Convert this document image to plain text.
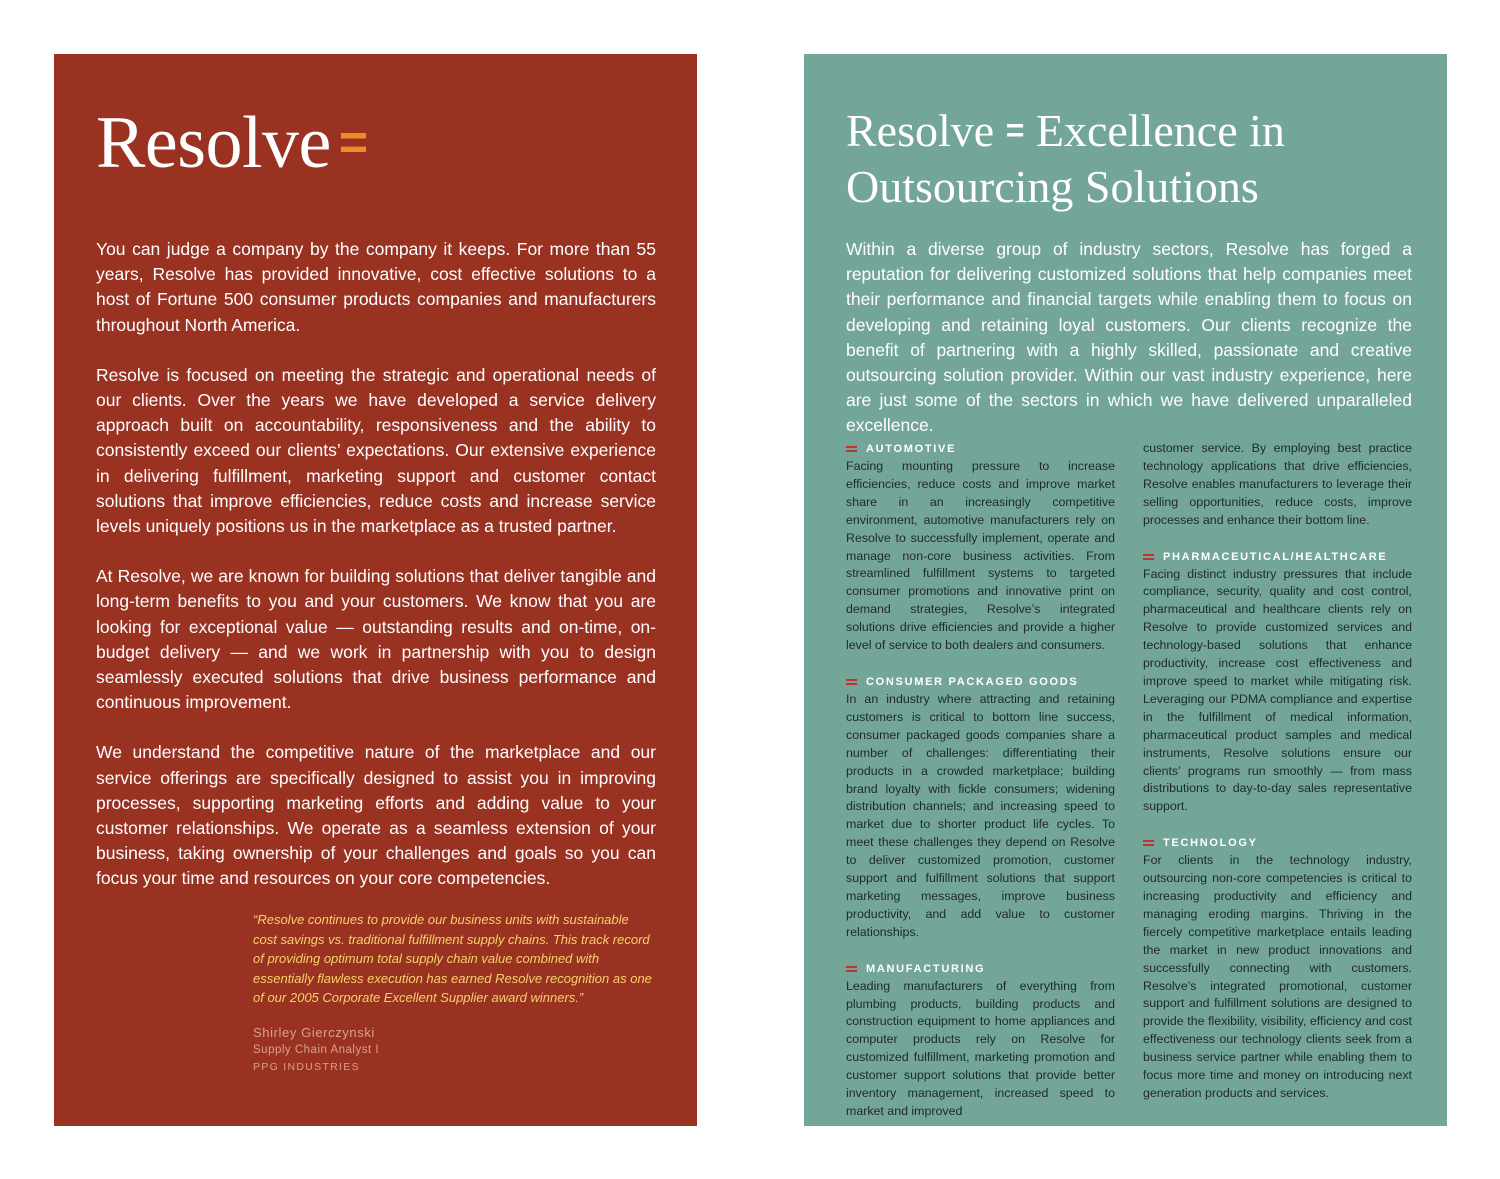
Resolve =

You can judge a company by the company it keeps. For more than 55 years, Resolve has provided innovative, cost effective solutions to a host of Fortune 500 consumer products companies and manufacturers throughout North America.

Resolve is focused on meeting the strategic and operational needs of our clients. Over the years we have developed a service delivery approach built on accountability, responsiveness and the ability to consistently exceed our clients’ expectations. Our extensive experience in delivering fulfillment, marketing support and customer contact solutions that improve efficiencies, reduce costs and increase service levels uniquely positions us in the marketplace as a trusted partner.

At Resolve, we are known for building solutions that deliver tangible and long-term benefits to you and your customers. We know that you are looking for exceptional value — outstanding results and on-time, on-budget delivery — and we work in partnership with you to design seamlessly executed solutions that drive business performance and continuous improvement.

We understand the competitive nature of the marketplace and our service offerings are specifically designed to assist you in improving processes, supporting marketing efforts and adding value to your customer relationships. We operate as a seamless extension of your business, taking ownership of your challenges and goals so you can focus your time and resources on your core competencies.

“Resolve continues to provide our business units with sustainable cost savings vs. traditional fulfillment supply chains. This track record of providing optimum total supply chain value combined with essentially flawless execution has earned Resolve recognition as one of our 2005 Corporate Excellent Supplier award winners.”

Shirley Gierczynski
Supply Chain Analyst I
PPG INDUSTRIES
Resolve = Excellence in Outsourcing Solutions

Within a diverse group of industry sectors, Resolve has forged a reputation for delivering customized solutions that help companies meet their performance and financial targets while enabling them to focus on developing and retaining loyal customers. Our clients recognize the benefit of partnering with a highly skilled, passionate and creative outsourcing solution provider. Within our vast industry experience, here are just some of the sectors in which we have delivered unparalleled excellence.

AUTOMOTIVE

Facing mounting pressure to increase efficiencies, reduce costs and improve market share in an increasingly competitive environment, automotive manufacturers rely on Resolve to successfully implement, operate and manage non-core business activities. From streamlined fulfillment systems to targeted consumer promotions and innovative print on demand strategies, Resolve’s integrated solutions drive efficiencies and provide a higher level of service to both dealers and consumers.

CONSUMER PACKAGED GOODS

In an industry where attracting and retaining customers is critical to bottom line success, consumer packaged goods companies share a number of challenges: differentiating their products in a crowded marketplace; building brand loyalty with fickle consumers; widening distribution channels; and increasing speed to market due to shorter product life cycles. To meet these challenges they depend on Resolve to deliver customized promotion, customer support and fulfillment solutions that support marketing messages, improve business productivity, and add value to customer relationships.

MANUFACTURING

Leading manufacturers of everything from plumbing products, building products and construction equipment to home appliances and computer products rely on Resolve for customized fulfillment, marketing promotion and customer support solutions that provide better inventory management, increased speed to market and improved

customer service. By employing best practice technology applications that drive efficiencies, Resolve enables manufacturers to leverage their selling opportunities, reduce costs, improve processes and enhance their bottom line.

PHARMACEUTICAL/HEALTHCARE

Facing distinct industry pressures that include compliance, security, quality and cost control, pharmaceutical and healthcare clients rely on Resolve to provide customized services and technology-based solutions that enhance productivity, increase cost effectiveness and improve speed to market while mitigating risk. Leveraging our PDMA compliance and expertise in the fulfillment of medical information, pharmaceutical product samples and medical instruments, Resolve solutions ensure our clients’ programs run smoothly — from mass distributions to day-to-day sales representative support.

TECHNOLOGY

For clients in the technology industry, outsourcing non-core competencies is critical to increasing productivity and efficiency and managing eroding margins. Thriving in the fiercely competitive marketplace entails leading the market in new product innovations and successfully connecting with customers. Resolve’s integrated promotional, customer support and fulfillment solutions are designed to provide the flexibility, visibility, efficiency and cost effectiveness our technology clients seek from a business service partner while enabling them to focus more time and money on introducing next generation products and services.
